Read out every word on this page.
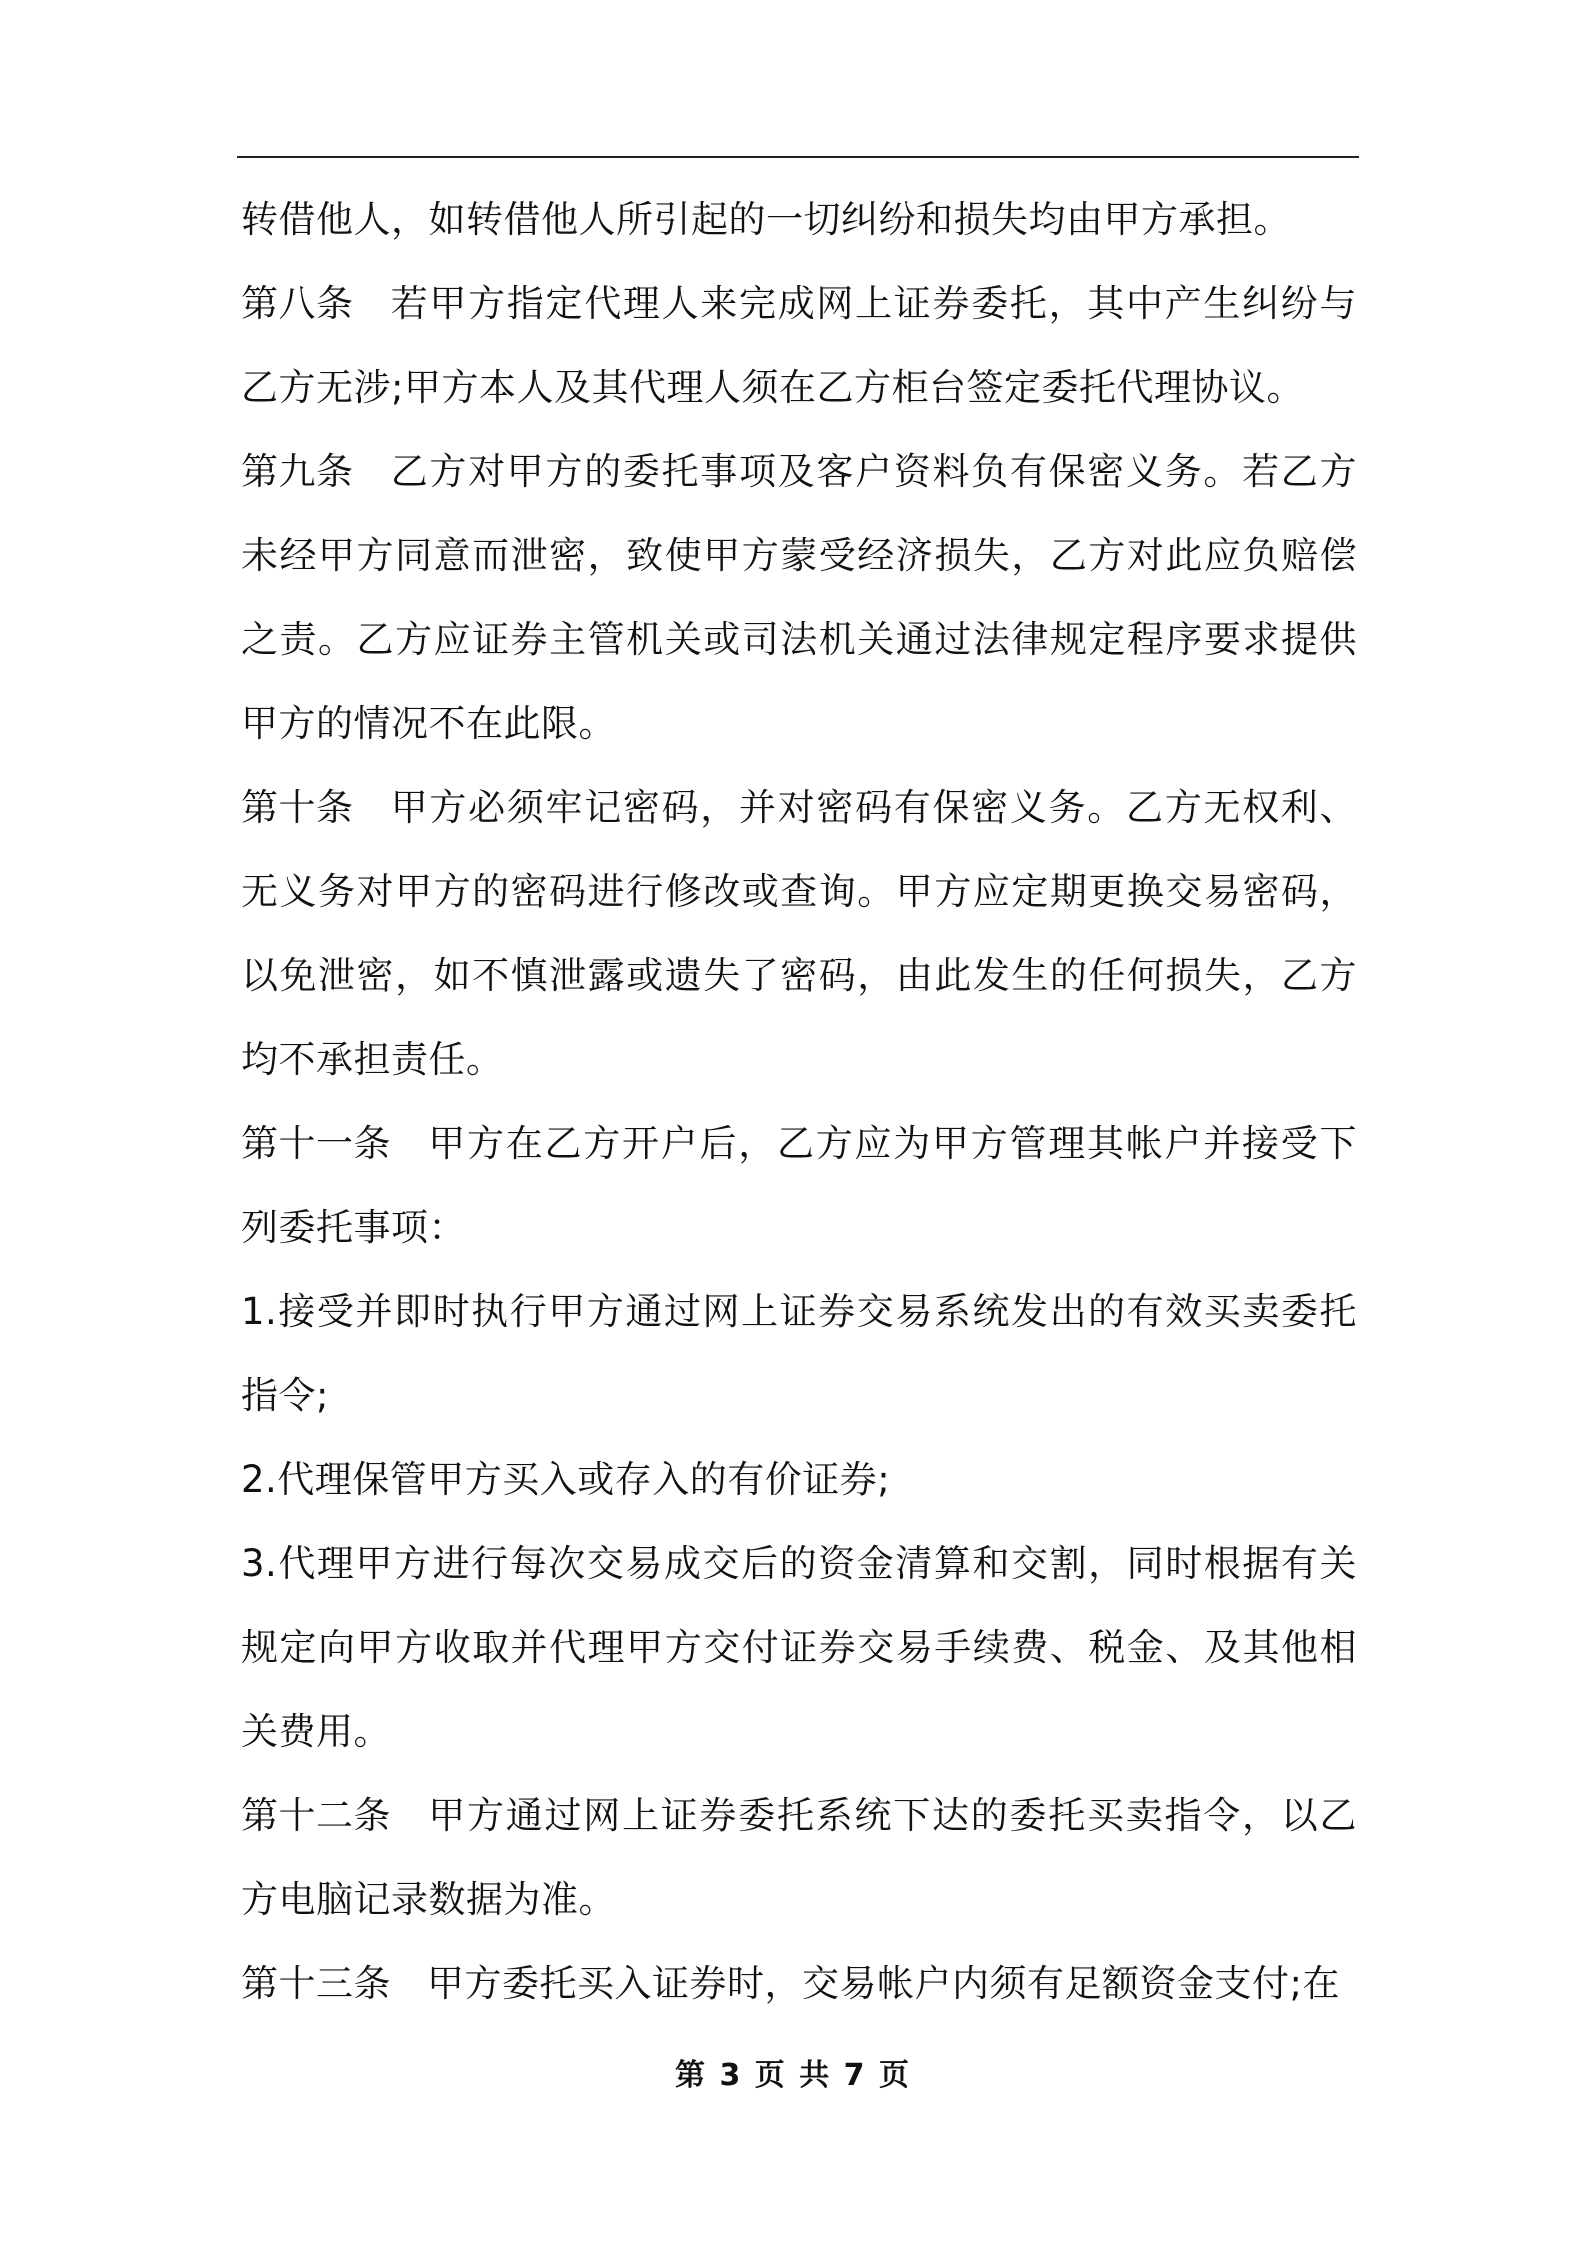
转借他人，如转借他人所引起的一切纠纷和损失均由甲方承担。

第八条 若甲方指定代理人来完成网上证券委托，其中产生纠纷与乙方无涉;甲方本人及其代理人须在乙方柜台签定委托代理协议。

第九条 乙方对甲方的委托事项及客户资料负有保密义务。若乙方未经甲方同意而泄密，致使甲方蒙受经济损失，乙方对此应负赔偿之责。乙方应证券主管机关或司法机关通过法律规定程序要求提供甲方的情况不在此限。

第十条 甲方必须牢记密码，并对密码有保密义务。乙方无权利、无义务对甲方的密码进行修改或查询。甲方应定期更换交易密码，以免泄密，如不慎泄露或遗失了密码，由此发生的任何损失，乙方均不承担责任。

第十一条 甲方在乙方开户后，乙方应为甲方管理其帐户并接受下列委托事项：

1.接受并即时执行甲方通过网上证券交易系统发出的有效买卖委托指令;

2.代理保管甲方买入或存入的有价证券;

3.代理甲方进行每次交易成交后的资金清算和交割，同时根据有关规定向甲方收取并代理甲方交付证券交易手续费、税金、及其他相关费用。

第十二条 甲方通过网上证券委托系统下达的委托买卖指令，以乙方电脑记录数据为准。

第十三条 甲方委托买入证券时，交易帐户内须有足额资金支付;在

第 3 页 共 7 页
